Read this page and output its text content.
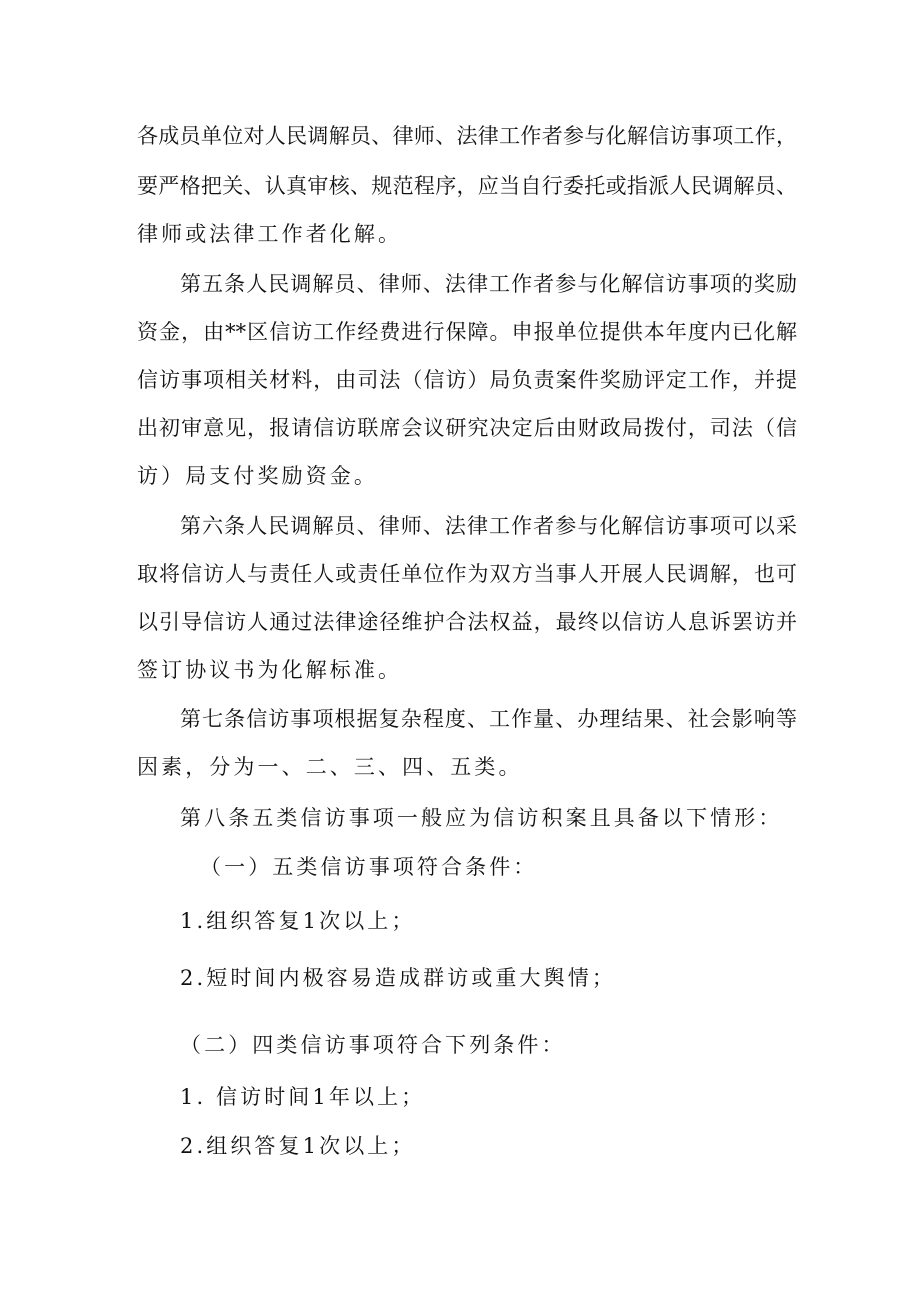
各成员单位对人民调解员、律师、法律工作者参与化解信访事项工作，
要严格把关、认真审核、规范程序，应当自行委托或指派人民调解员、
律师或法律工作者化解。
第五条人民调解员、律师、法律工作者参与化解信访事项的奖励
资金，由**区信访工作经费进行保障。申报单位提供本年度内已化解
信访事项相关材料，由司法（信访）局负责案件奖励评定工作，并提
出初审意见，报请信访联席会议研究决定后由财政局拨付，司法（信
访）局支付奖励资金。
第六条人民调解员、律师、法律工作者参与化解信访事项可以采
取将信访人与责任人或责任单位作为双方当事人开展人民调解，也可
以引导信访人通过法律途径维护合法权益，最终以信访人息诉罢访并
签订协议书为化解标准。
第七条信访事项根据复杂程度、工作量、办理结果、社会影响等
因素，分为一、二、三、四、五类。
第八条五类信访事项一般应为信访积案且具备以下情形：
（一）五类信访事项符合条件：
1.组织答复1次以上；
2.短时间内极容易造成群访或重大舆情；
（二）四类信访事项符合下列条件：
1. 信访时间1年以上；
2.组织答复1次以上；
